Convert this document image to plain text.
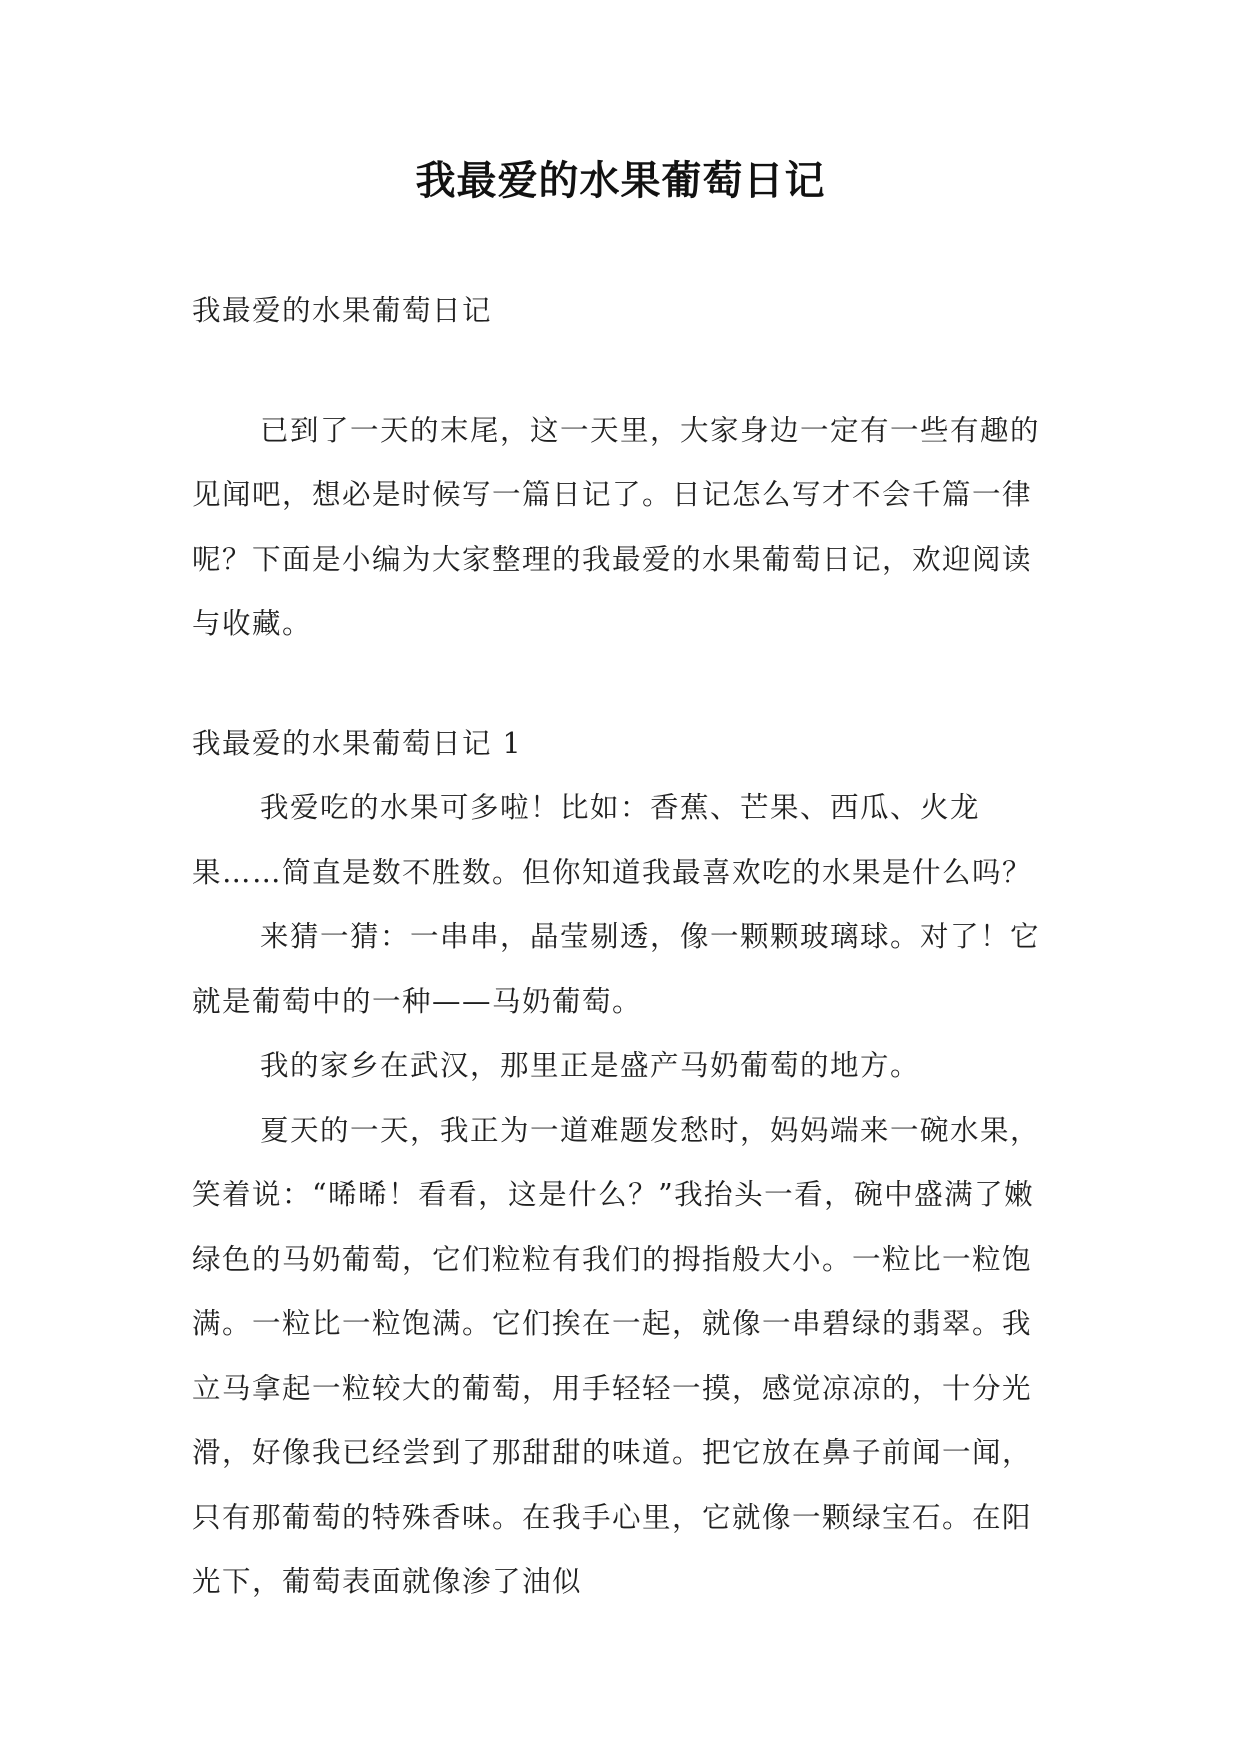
我最爱的水果葡萄日记

我最爱的水果葡萄日记

已到了一天的末尾，这一天里，大家身边一定有一些有趣的见闻吧，想必是时候写一篇日记了。日记怎么写才不会千篇一律呢？下面是小编为大家整理的我最爱的水果葡萄日记，欢迎阅读与收藏。

我最爱的水果葡萄日记 1

我爱吃的水果可多啦！比如：香蕉、芒果、西瓜、火龙果……简直是数不胜数。但你知道我最喜欢吃的水果是什么吗？

来猜一猜：一串串，晶莹剔透，像一颗颗玻璃球。对了！它就是葡萄中的一种——马奶葡萄。

我的家乡在武汉，那里正是盛产马奶葡萄的地方。

夏天的一天，我正为一道难题发愁时，妈妈端来一碗水果，笑着说：“晞晞！看看，这是什么？”我抬头一看，碗中盛满了嫩绿色的马奶葡萄，它们粒粒有我们的拇指般大小。一粒比一粒饱满。一粒比一粒饱满。它们挨在一起，就像一串碧绿的翡翠。我立马拿起一粒较大的葡萄，用手轻轻一摸，感觉凉凉的，十分光滑，好像我已经尝到了那甜甜的味道。把它放在鼻子前闻一闻，只有那葡萄的特殊香味。在我手心里，它就像一颗绿宝石。在阳光下，葡萄表面就像渗了油似
